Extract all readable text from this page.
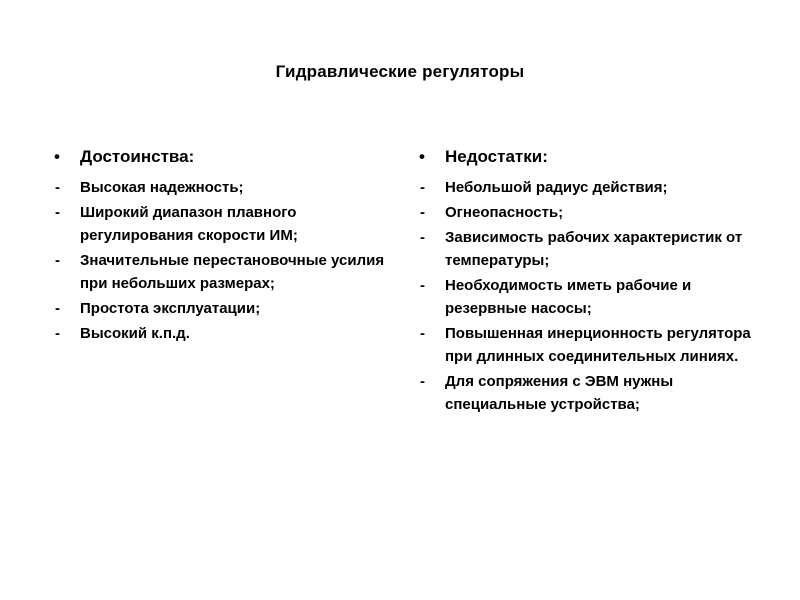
Гидравлические регуляторы
• Достоинства:
- Высокая надежность;
- Широкий диапазон плавного регулирования скорости ИМ;
- Значительные перестановочные усилия при небольших размерах;
- Простота эксплуатации;
- Высокий к.п.д.
• Недостатки:
- Небольшой радиус действия;
- Огнеопасность;
- Зависимость рабочих характеристик от температуры;
- Необходимость иметь рабочие и резервные насосы;
- Повышенная инерционность регулятора при длинных соединительных линиях.
- Для сопряжения с ЭВМ нужны специальные устройства;
